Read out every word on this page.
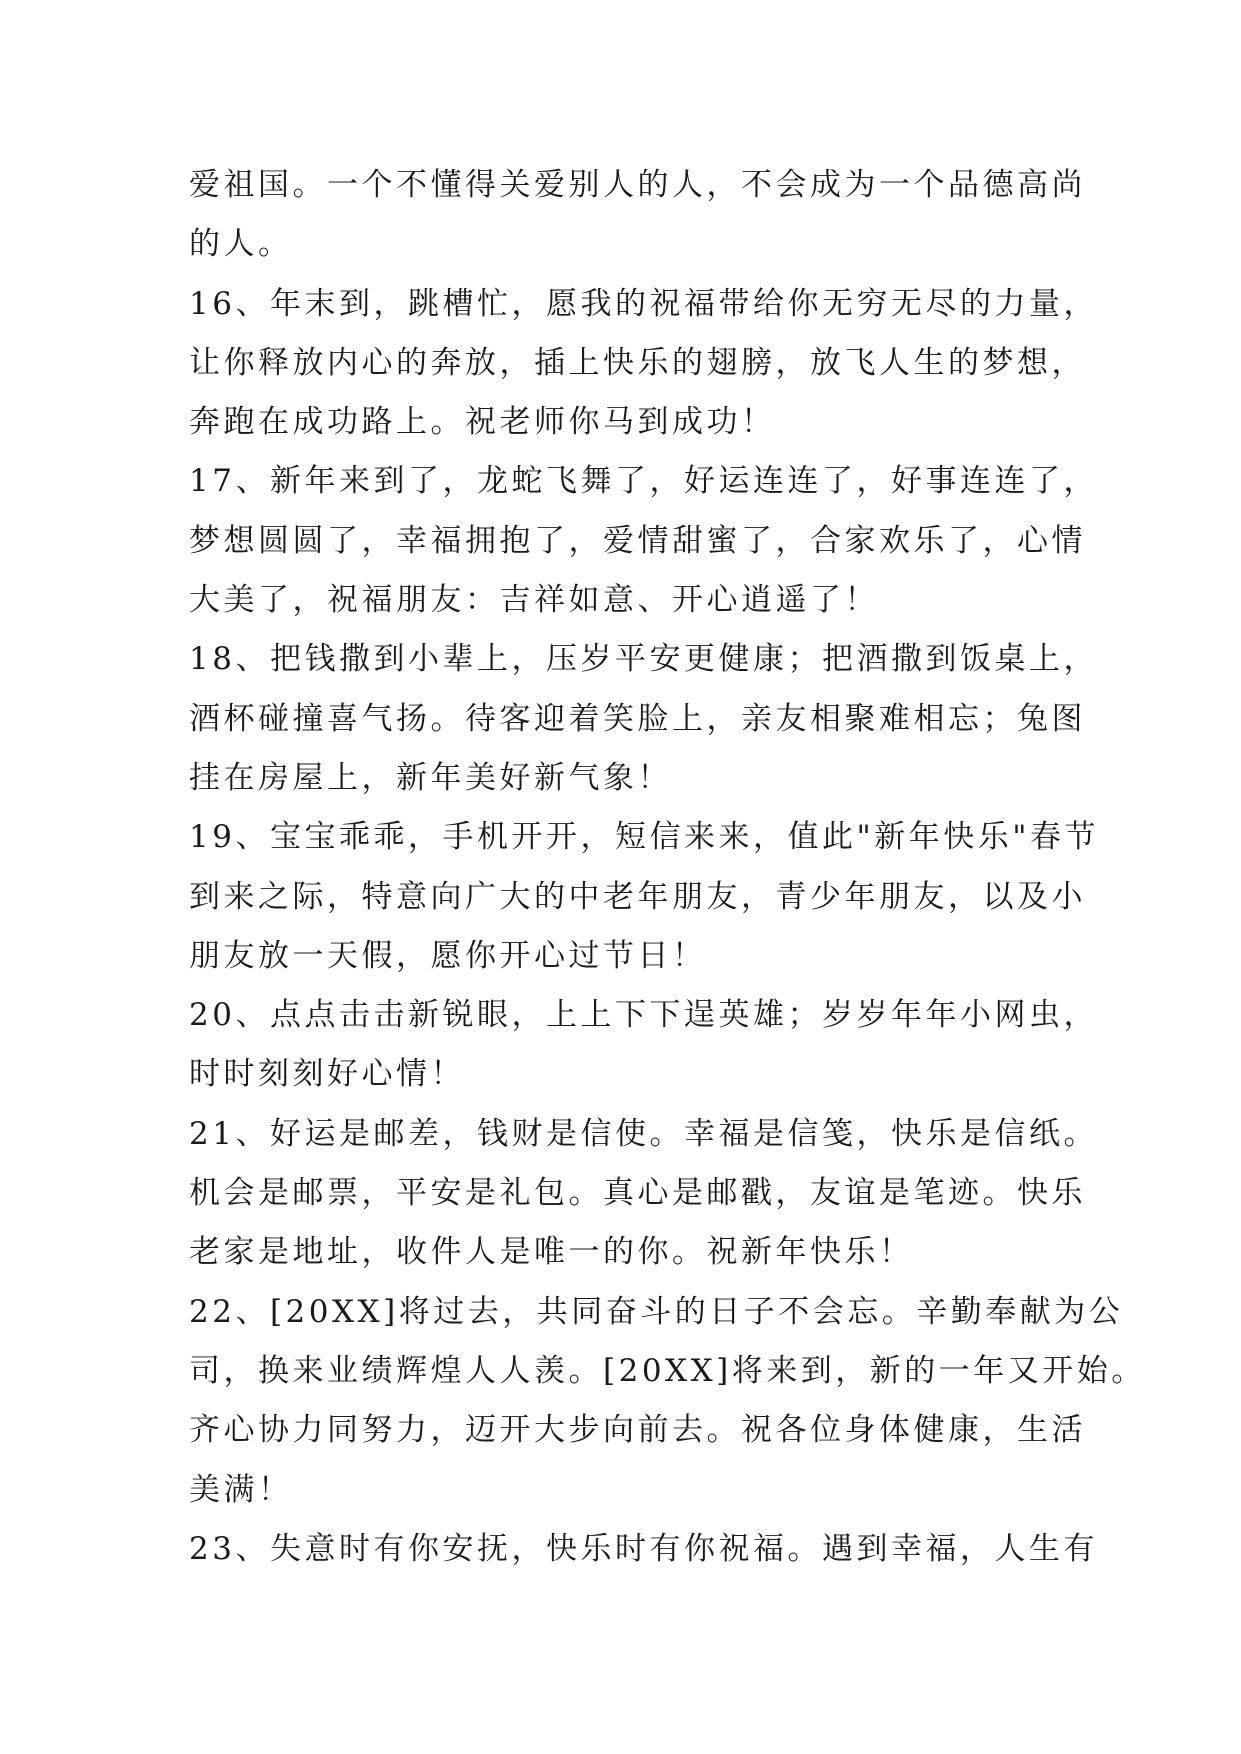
爱祖国。一个不懂得关爱别人的人，不会成为一个品德高尚
的人。
16、年末到，跳槽忙，愿我的祝福带给你无穷无尽的力量，
让你释放内心的奔放，插上快乐的翅膀，放飞人生的梦想，
奔跑在成功路上。祝老师你马到成功！
17、新年来到了，龙蛇飞舞了，好运连连了，好事连连了，
梦想圆圆了，幸福拥抱了，爱情甜蜜了，合家欢乐了，心情
大美了，祝福朋友：吉祥如意、开心逍遥了！
18、把钱撒到小辈上，压岁平安更健康；把酒撒到饭桌上，
酒杯碰撞喜气扬。待客迎着笑脸上，亲友相聚难相忘；兔图
挂在房屋上，新年美好新气象！
19、宝宝乖乖，手机开开，短信来来，值此"新年快乐"春节
到来之际，特意向广大的中老年朋友，青少年朋友，以及小
朋友放一天假，愿你开心过节日！
20、点点击击新锐眼，上上下下逞英雄；岁岁年年小网虫，
时时刻刻好心情！
21、好运是邮差，钱财是信使。幸福是信笺，快乐是信纸。
机会是邮票，平安是礼包。真心是邮戳，友谊是笔迹。快乐
老家是地址，收件人是唯一的你。祝新年快乐！
22、[20XX]将过去，共同奋斗的日子不会忘。辛勤奉献为公
司，换来业绩辉煌人人羡。[20XX]将来到，新的一年又开始。
齐心协力同努力，迈开大步向前去。祝各位身体健康，生活
美满！
23、失意时有你安抚，快乐时有你祝福。遇到幸福，人生有
